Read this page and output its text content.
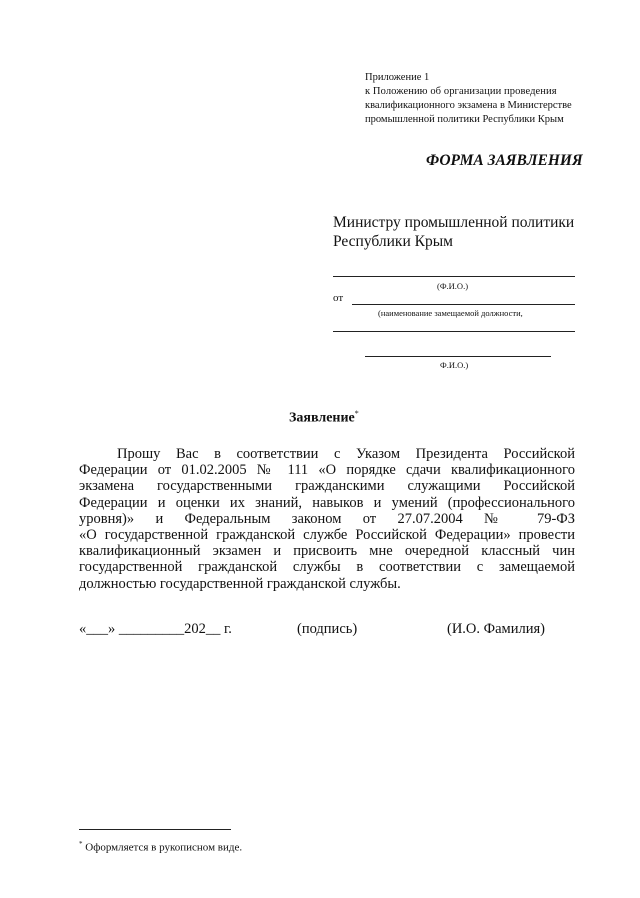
Приложение 1
к Положению об организации проведения
квалификационного экзамена в Министерстве
промышленной политики Республики Крым
ФОРМА ЗАЯВЛЕНИЯ
Министру промышленной политики
Республики Крым
(Ф.И.О.)
от
(наименование замещаемой должности,
Ф.И.О.)
Заявление*
Прошу Вас в соответствии с Указом Президента Российской
Федерации от 01.02.2005 № 111 «О порядке сдачи квалификационного
экзамена государственными гражданскими служащими Российской
Федерации и оценки их знаний, навыков и умений (профессионального
уровня)» и Федеральным законом от 27.07.2004 № 79-ФЗ
«О государственной гражданской службе Российской Федерации» провести
квалификационный экзамен и присвоить мне очередной классный чин
государственной гражданской службы в соответствии с замещаемой
должностью государственной гражданской службы.
«___» _________202__ г.	(подпись)	(И.О. Фамилия)
* Оформляется в рукописном виде.
